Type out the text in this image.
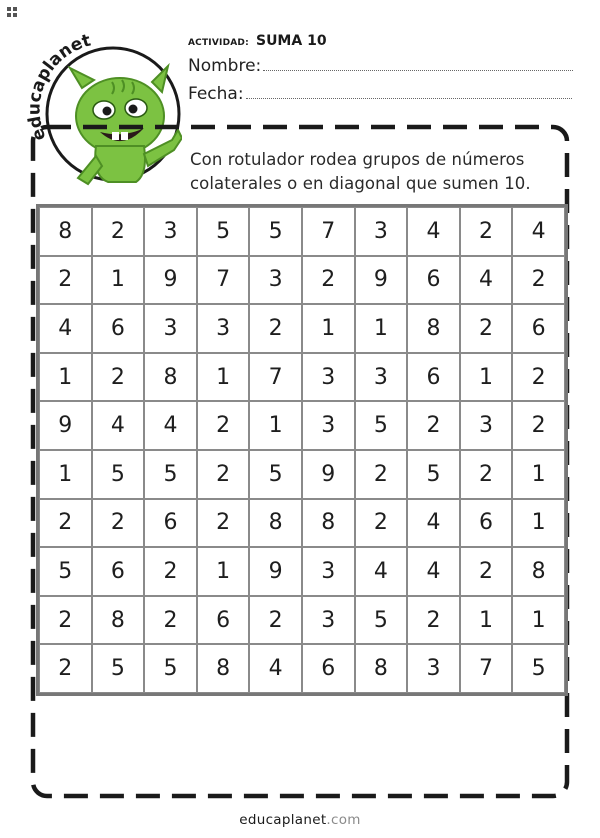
educaplanet	ACTIVIDAD: SUMA 10
Nombre:
Fecha:
Con rotulador rodea grupos de números colaterales o en diagonal que sumen 10.
8	2	3	5	5	7	3	4	2	4
2	1	9	7	3	2	9	6	4	2
4	6	3	3	2	1	1	8	2	6
1	2	8	1	7	3	3	6	1	2
9	4	4	2	1	3	5	2	3	2
1	5	5	2	5	9	2	5	2	1
2	2	6	2	8	8	2	4	6	1
5	6	2	1	9	3	4	4	2	8
2	8	2	6	2	3	5	2	1	1
2	5	5	8	4	6	8	3	7	5
educaplanet.com
